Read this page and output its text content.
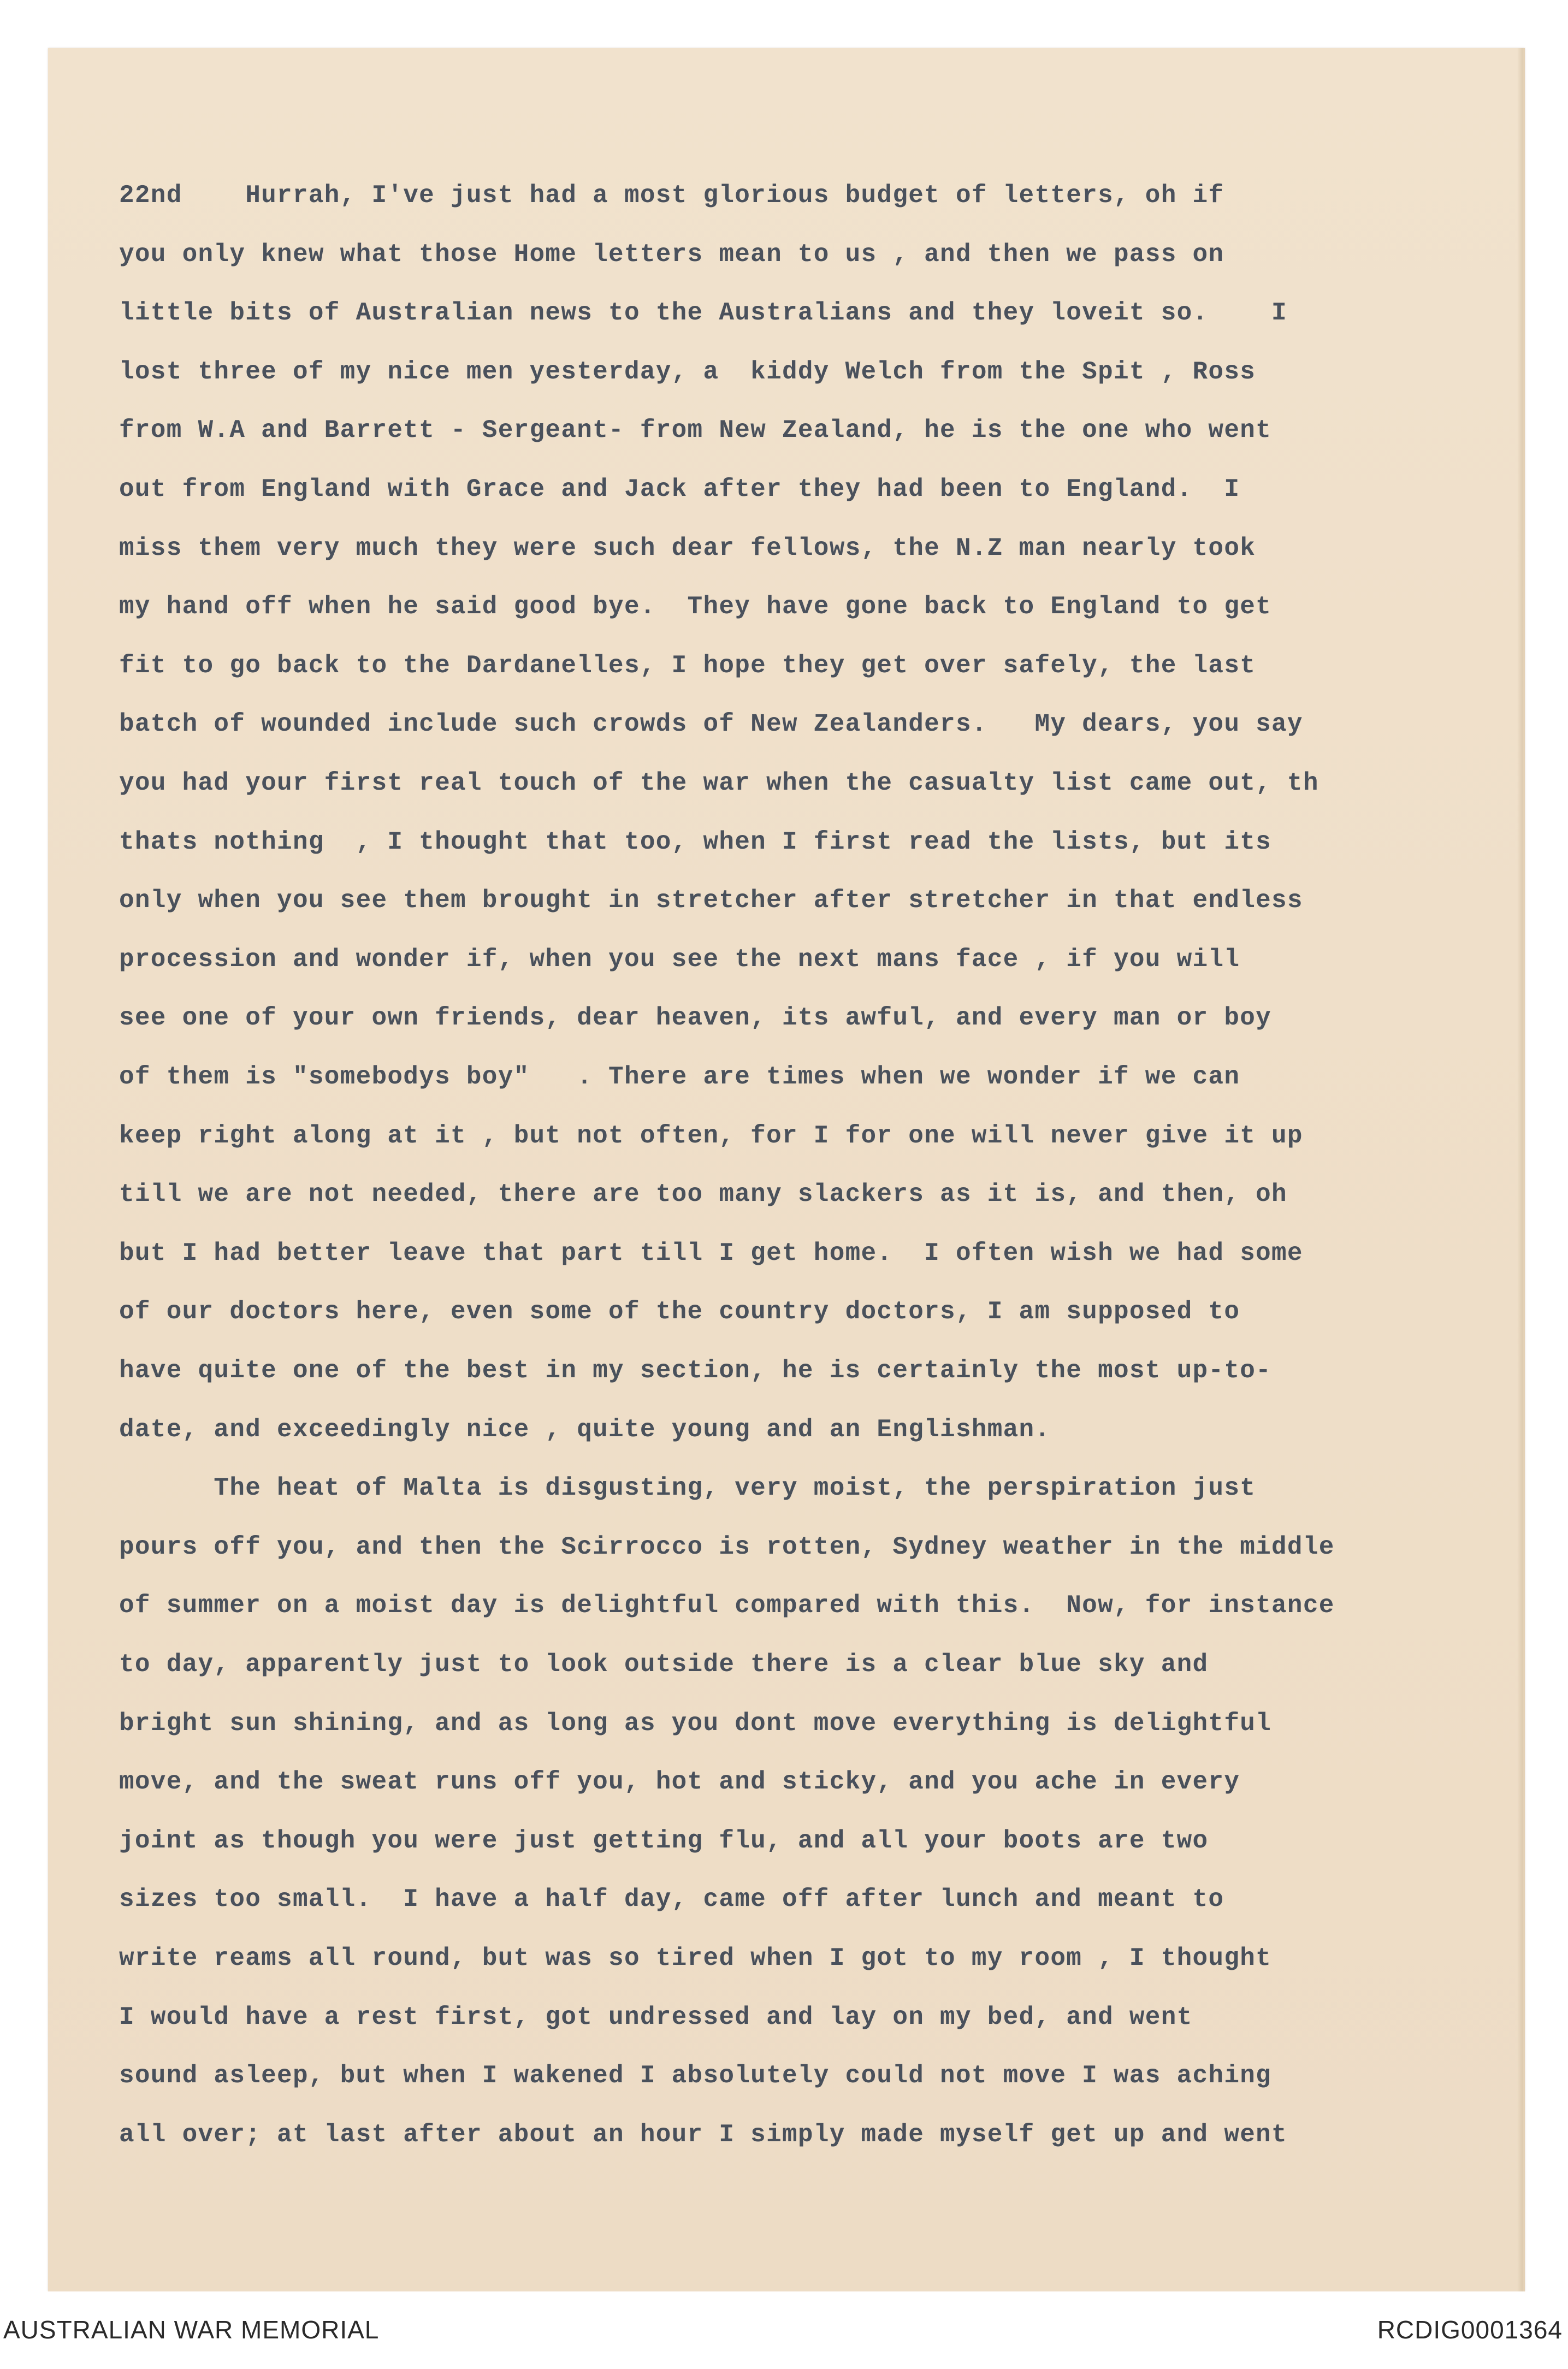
22nd    Hurrah, I've just had a most glorious budget of letters, oh if

you only knew what those Home letters mean to us , and then we pass on

little bits of Australian news to the Australians and they loveit so.    I

lost three of my nice men yesterday, a  kiddy Welch from the Spit , Ross

from W.A and Barrett - Sergeant- from New Zealand, he is the one who went

out from England with Grace and Jack after they had been to England.  I

miss them very much they were such dear fellows, the N.Z man nearly took

my hand off when he said good bye.  They have gone back to England to get

fit to go back to the Dardanelles, I hope they get over safely, the last

batch of wounded include such crowds of New Zealanders.   My dears, you say

you had your first real touch of the war when the casualty list came out, th

thats nothing  , I thought that too, when I first read the lists, but its

only when you see them brought in stretcher after stretcher in that endless

procession and wonder if, when you see the next mans face , if you will

see one of your own friends, dear heaven, its awful, and every man or boy

of them is "somebodys boy"   . There are times when we wonder if we can

keep right along at it , but not often, for I for one will never give it up

till we are not needed, there are too many slackers as it is, and then, oh

but I had better leave that part till I get home.  I often wish we had some

of our doctors here, even some of the country doctors, I am supposed to

have quite one of the best in my section, he is certainly the most up-to-

date, and exceedingly nice , quite young and an Englishman.

The heat of Malta is disgusting, very moist, the perspiration just

pours off you, and then the Scirrocco is rotten, Sydney weather in the middle

of summer on a moist day is delightful compared with this.  Now, for instance

to day, apparently just to look outside there is a clear blue sky and

bright sun shining, and as long as you dont move everything is delightful

move, and the sweat runs off you, hot and sticky, and you ache in every

joint as though you were just getting flu, and all your boots are two

sizes too small.  I have a half day, came off after lunch and meant to

write reams all round, but was so tired when I got to my room , I thought

I would have a rest first, got undressed and lay on my bed, and went

sound asleep, but when I wakened I absolutely could not move I was aching

all over; at last after about an hour I simply made myself get up and went

AUSTRALIAN WAR MEMORIAL	RCDIG0001364
